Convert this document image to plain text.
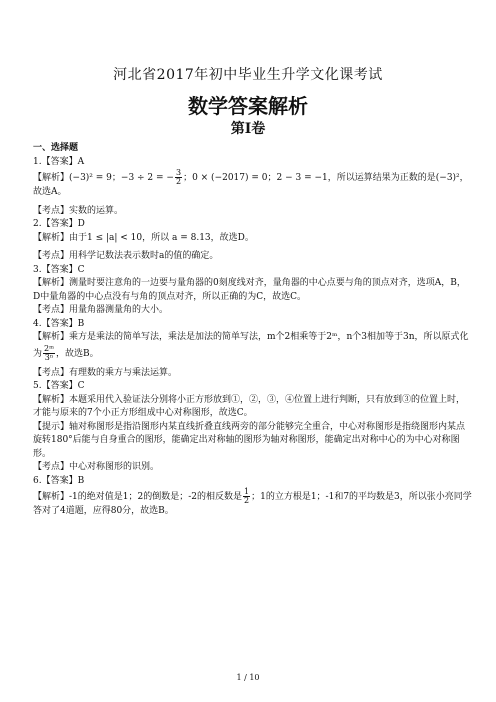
河北省2017年初中毕业生升学文化课考试
数学答案解析
第Ⅰ卷
一、选择题
1.【答案】A
【解析】(−3)² = 9；−3 ÷ 2 = − $\frac{3}{2}$ ；0 × (−2017) = 0；2 − 3 = −1，所以运算结果为正数的是(−3)²，故选A。
【考点】实数的运算。
2.【答案】D
【解析】由于1 ≤ |a| < 10，所以 a = 8.13，故选D。
【考点】用科学记数法表示数时a的值的确定。
3.【答案】C
【解析】测量时要注意角的一边要与量角器的0刻度线对齐，量角器的中心点要与角的顶点对齐，选项A，B，D中量角器的中心点没有与角的顶点对齐，所以正确的为C，故选C。
【考点】用量角器测量角的大小。
4.【答案】B
【解析】乘方是乘法的简单写法，乘法是加法的简单写法，m个2相乘等于2ᵐ，n个3相加等于3n，所以原式化为 $\frac{\text{2ᵐ}}{\text{3ⁿ}}$ ，故选B。
【考点】有理数的乘方与乘法运算。
5.【答案】C
【解析】本题采用代入验证法分别将小正方形放到①，②，③，④位置上进行判断，只有放到③的位置上时，才能与原来的7个小正方形组成中心对称图形，故选C。
【提示】轴对称图形是指沿图形内某直线折叠直线两旁的部分能够完全重合，中心对称图形是指绕图形内某点旋转180°后能与自身重合的图形，能确定出对称轴的图形为轴对称图形，能确定出对称中心的为中心对称图形。
【考点】中心对称图形的识别。
6.【答案】B
【解析】-1的绝对值是1；2的倒数是；-2的相反数是 $\frac{1}{2}$ ；1的立方根是1；-1和7的平均数是3，所以张小亮同学答对了4道题，应得80分，故选B。
1 / 10
